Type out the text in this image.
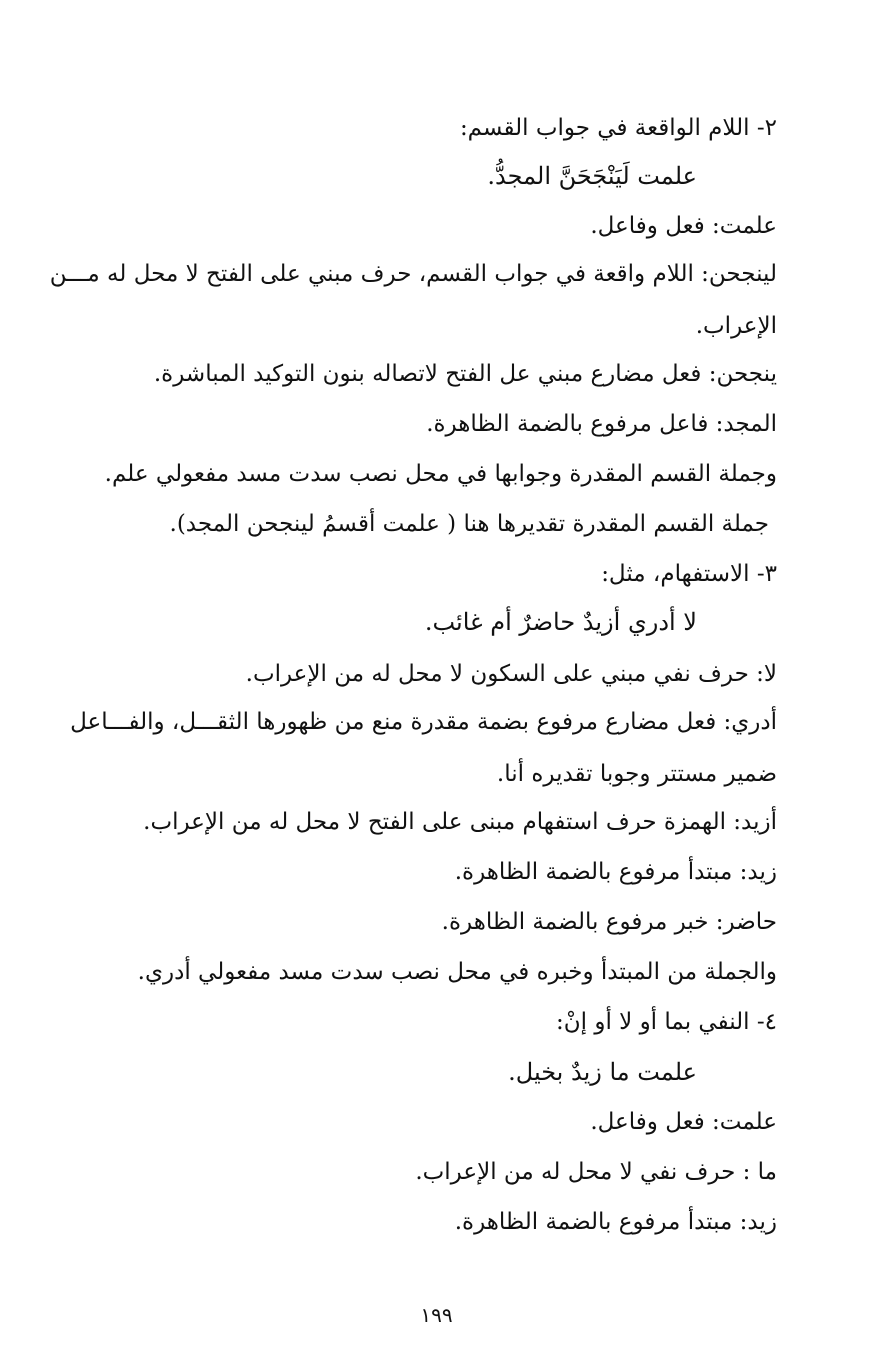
٢- اللام الواقعة في جواب القسم:

علمت لَيَنْجَحَنَّ المجدُّ.

علمت: فعل وفاعل.

لينجحن: اللام واقعة في جواب القسم، حرف مبني على الفتح لا محل له مـــن

الإعراب.

ينجحن: فعل مضارع مبني عل الفتح لاتصاله بنون التوكيد المباشرة.

المجد: فاعل مرفوع بالضمة الظاهرة.

وجملة القسم المقدرة وجوابها في محل نصب سدت مسد مفعولي علم.

جملة القسم المقدرة تقديرها هنا ( علمت أقسمُ لينجحن المجد).

٣- الاستفهام، مثل:

لا أدري أزيدٌ حاضرٌ أم غائب.

لا: حرف نفي مبني على السكون لا محل له من الإعراب.

أدري: فعل مضارع مرفوع بضمة مقدرة منع من ظهورها الثقـــل، والفـــاعل

ضمير مستتر وجوبا تقديره أنا.

أزيد: الهمزة حرف استفهام مبنى على الفتح لا محل له من الإعراب.

زيد: مبتدأ مرفوع بالضمة الظاهرة.

حاضر: خبر مرفوع بالضمة الظاهرة.

والجملة من المبتدأ وخبره في محل نصب سدت مسد مفعولي أدري.

٤- النفي بما أو لا أو إنْ:

علمت ما زيدٌ بخيل.

علمت: فعل وفاعل.

ما : حرف نفي لا محل له من الإعراب.

زيد: مبتدأ مرفوع بالضمة الظاهرة.

١٩٩
